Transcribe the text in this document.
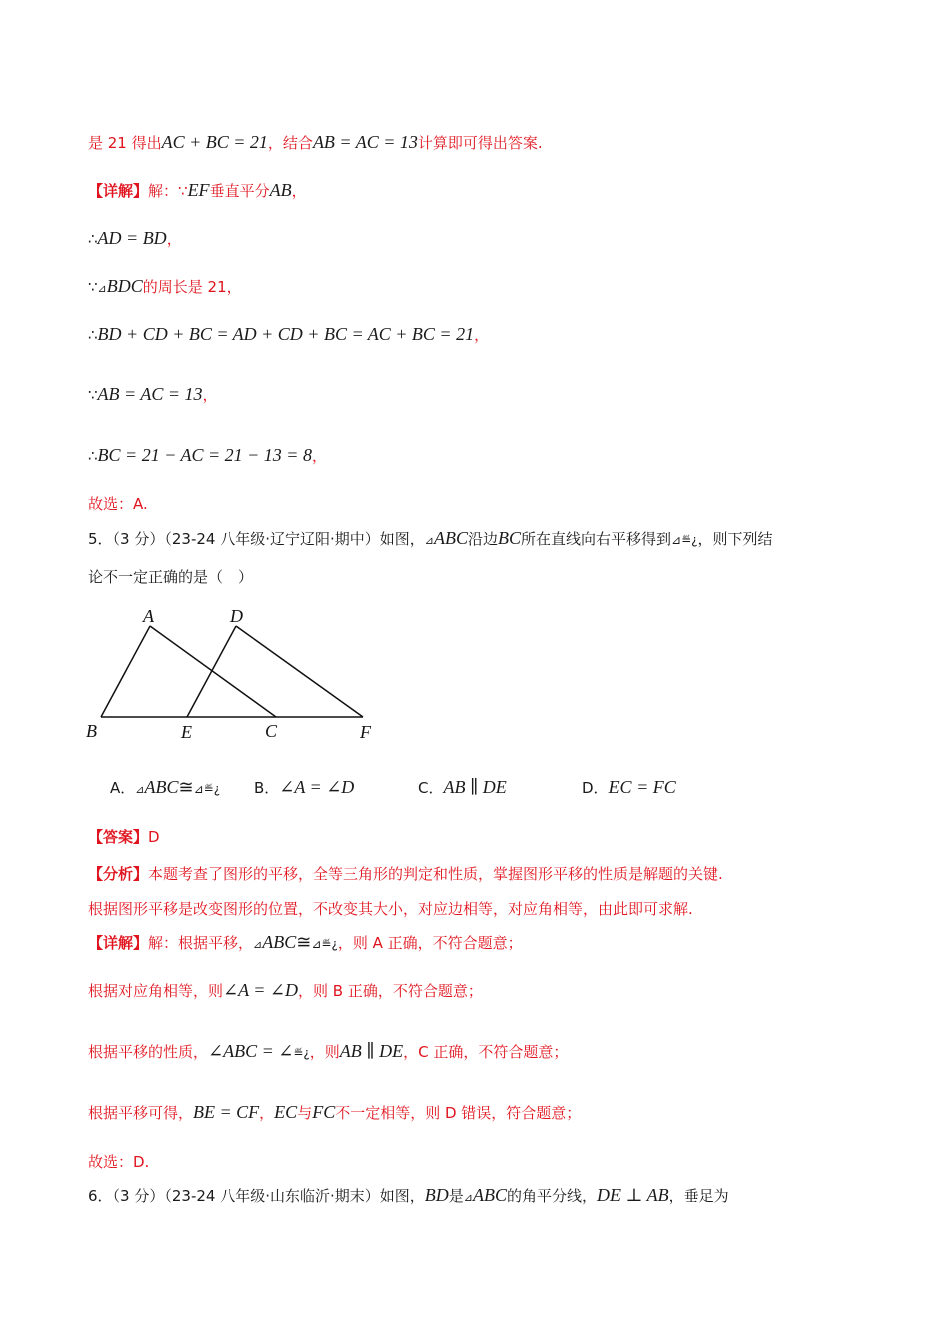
是 21 得出AC + BC = 21，结合AB = AC = 13计算即可得出答案.
【详解】解：∵EF垂直平分AB，
∴AD = BD，
∵⊿BDC的周长是 21，
∴BD + CD + BC = AD + CD + BC = AC + BC = 21，
∵AB = AC = 13，
∴BC = 21 − AC = 21 − 13 = 8，
故选：A.
5．（3 分）（23-24 八年级·辽宁辽阳·期中）如图，⊿ABC沿边BC所在直线向右平移得到⊿≝¿，则下列结
论不一定正确的是（　）
A	D
B	E	C	F
A．⊿ABC≅⊿≝¿ B．∠A = ∠D	C．AB ∥ DE	D．EC = FC
【答案】D
【分析】本题考查了图形的平移，全等三角形的判定和性质，掌握图形平移的性质是解题的关键.
根据图形平移是改变图形的位置，不改变其大小，对应边相等，对应角相等，由此即可求解.
【详解】解：根据平移，⊿ABC≅⊿≝¿，则 A 正确，不符合题意；
根据对应角相等，则∠A = ∠D，则 B 正确，不符合题意；
根据平移的性质，∠ABC = ∠≝¿，则AB ∥ DE，C 正确，不符合题意；
根据平移可得，BE = CF，EC与FC不一定相等，则 D 错误，符合题意；
故选：D.
6．（3 分）（23-24 八年级·山东临沂·期末）如图，BD是⊿ABC的角平分线，DE ⊥ AB，垂足为
